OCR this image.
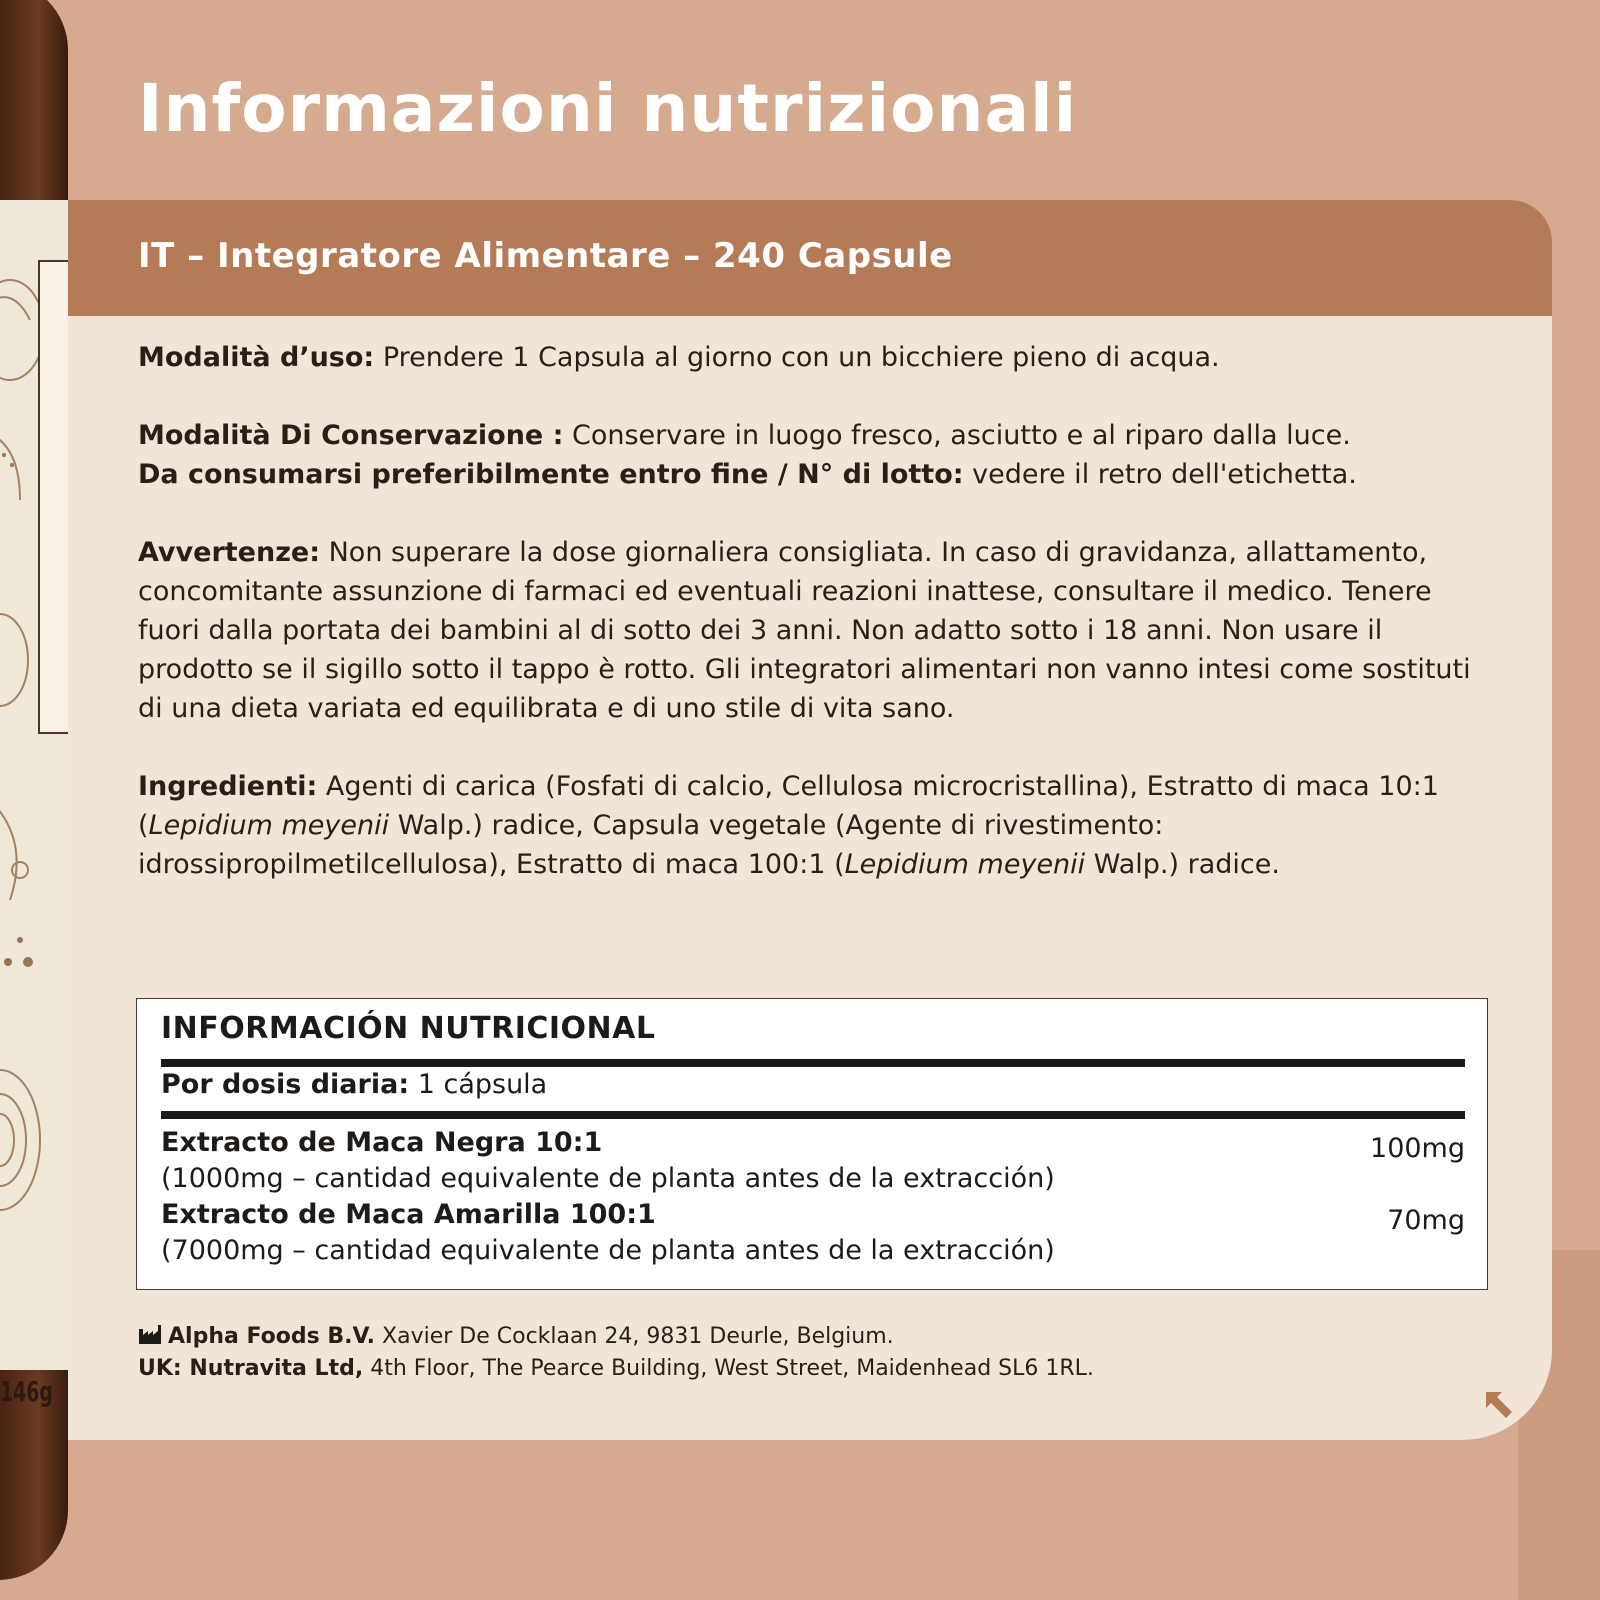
146g
Informazioni nutrizionali
IT – Integratore Alimentare – 240 Capsule

Modalità d’uso: Prendere 1 Capsula al giorno con un bicchiere pieno di acqua.

Modalità Di Conservazione : Conservare in luogo fresco, asciutto e al riparo dalla luce.
Da consumarsi preferibilmente entro fine / N° di lotto: vedere il retro dell'etichetta.

Avvertenze: Non superare la dose giornaliera consigliata. In caso di gravidanza, allattamento, concomitante assunzione di farmaci ed eventuali reazioni inattese, consultare il medico. Tenere fuori dalla portata dei bambini al di sotto dei 3 anni. Non adatto sotto i 18 anni. Non usare il prodotto se il sigillo sotto il tappo è rotto. Gli integratori alimentari non vanno intesi come sostituti di una dieta variata ed equilibrata e di uno stile di vita sano.

Ingredienti: Agenti di carica (Fosfati di calcio, Cellulosa microcristallina), Estratto di maca 10:1 (Lepidium meyenii Walp.) radice, Capsula vegetale (Agente di rivestimento: idrossipropilmetilcellulosa), Estratto di maca 100:1 (Lepidium meyenii Walp.) radice.

INFORMACIÓN NUTRICIONAL
Por dosis diaria: 1 cápsula
Extracto de Maca Negra 10:1
(1000mg – cantidad equivalente de planta antes de la extracción)
100mg
Extracto de Maca Amarilla 100:1
(7000mg – cantidad equivalente de planta antes de la extracción)
70mg
Alpha Foods B.V. Xavier De Cocklaan 24, 9831 Deurle, Belgium.
UK: Nutravita Ltd, 4th Floor, The Pearce Building, West Street, Maidenhead SL6 1RL.
